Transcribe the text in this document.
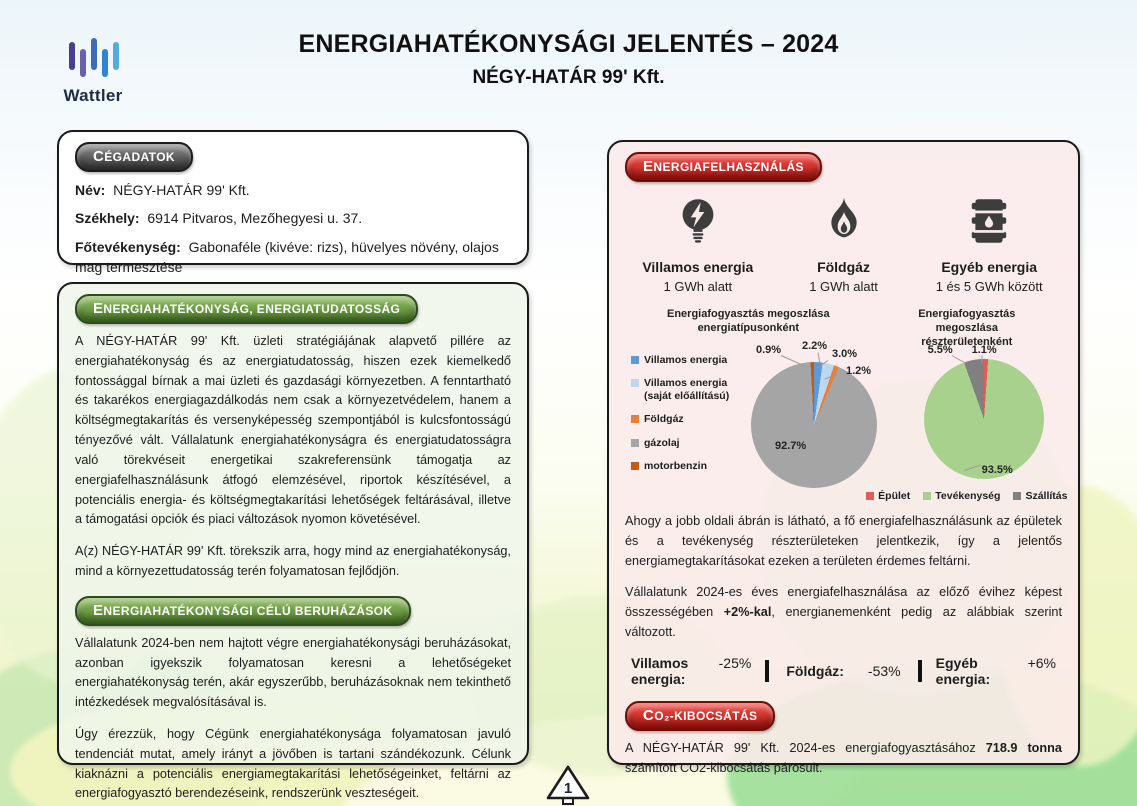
Wattler
ENERGIAHATÉKONYSÁGI JELENTÉS – 2024
NÉGY-HATÁR 99' Kft.
CÉGADATOK
Név: NÉGY-HATÁR 99' Kft.
Székhely: 6914 Pitvaros, Mezőhegyesi u. 37.
Főtevékenység: Gabonaféle (kivéve: rizs), hüvelyes növény, olajos mag termesztése
ENERGIAHATÉKONYSÁG, ENERGIATUDATOSSÁG

A NÉGY-HATÁR 99' Kft. üzleti stratégiájának alapvető pillére az energiahatékonyság és az energiatudatosság, hiszen ezek kiemelkedő fontossággal bírnak a mai üzleti és gazdasági környezetben. A fenntartható és takarékos energiagazdálkodás nem csak a környezetvédelem, hanem a költségmegtakarítás és versenyképesség szempontjából is kulcsfontosságú tényezővé vált. Vállalatunk energiahatékonyságra és energiatudatosságra való törekvéseit energetikai szakreferensünk támogatja az energiafelhasználásunk átfogó elemzésével, riportok készítésével, a potenciális energia- és költségmegtakarítási lehetőségek feltárásával, illetve a támogatási opciók és piaci változások nyomon követésével.

A(z) NÉGY-HATÁR 99' Kft. törekszik arra, hogy mind az energiahatékonyság, mind a környezettudatosság terén folyamatosan fejlődjön.

ENERGIAHATÉKONYSÁGI CÉLÚ BERUHÁZÁSOK

Vállalatunk 2024-ben nem hajtott végre energiahatékonysági beruházásokat, azonban igyekszik folyamatosan keresni a lehetőségeket energiahatékonyság terén, akár egyszerűbb, beruházásoknak nem tekinthető intézkedések megvalósításával is.

Úgy érezzük, hogy Cégünk energiahatékonysága folyamatosan javuló tendenciát mutat, amely irányt a jövőben is tartani szándékozunk. Célunk kiaknázni a potenciális energiamegtakarítási lehetőségeinket, feltárni az energiafogyasztó berendezéseink, rendszerünk veszteségeit.

ENERGIAFELHASZNÁLÁS
Villamos energia
1 GWh alatt
Földgáz
1 GWh alatt
Egyéb energia
1 és 5 GWh között
Energiafogyasztás megoszlása energiatípusonként
Villamos energia
Villamos energia (saját előállítású)
Földgáz
gázolaj
motorbenzin
0.9% 2.2%
3.0%
1.2%
92.7%
Energiafogyasztás megoszlása részterületenként
5.5% 1.1%
93.5%
Épület Tevékenység Szállítás

Ahogy a jobb oldali ábrán is látható, a fő energiafelhasználásunk az épületek és a tevékenység részterületeken jelentkezik, így a jelentős energiamegtakarításokat ezeken a területen érdemes feltárni.

Vállalatunk 2024-es éves energiafelhasználása az előző évihez képest összességében +2%-kal, energianemenként pedig az alábbiak szerint változott.

Villamos energia:
-25%	Földgáz: -53%	Egyéb energia:
+6%
CO₂-KIBOCSÁTÁS

A NÉGY-HATÁR 99' Kft. 2024-es energiafogyasztásához 718.9 tonna számított CO2-kibocsátás párosult.

1
